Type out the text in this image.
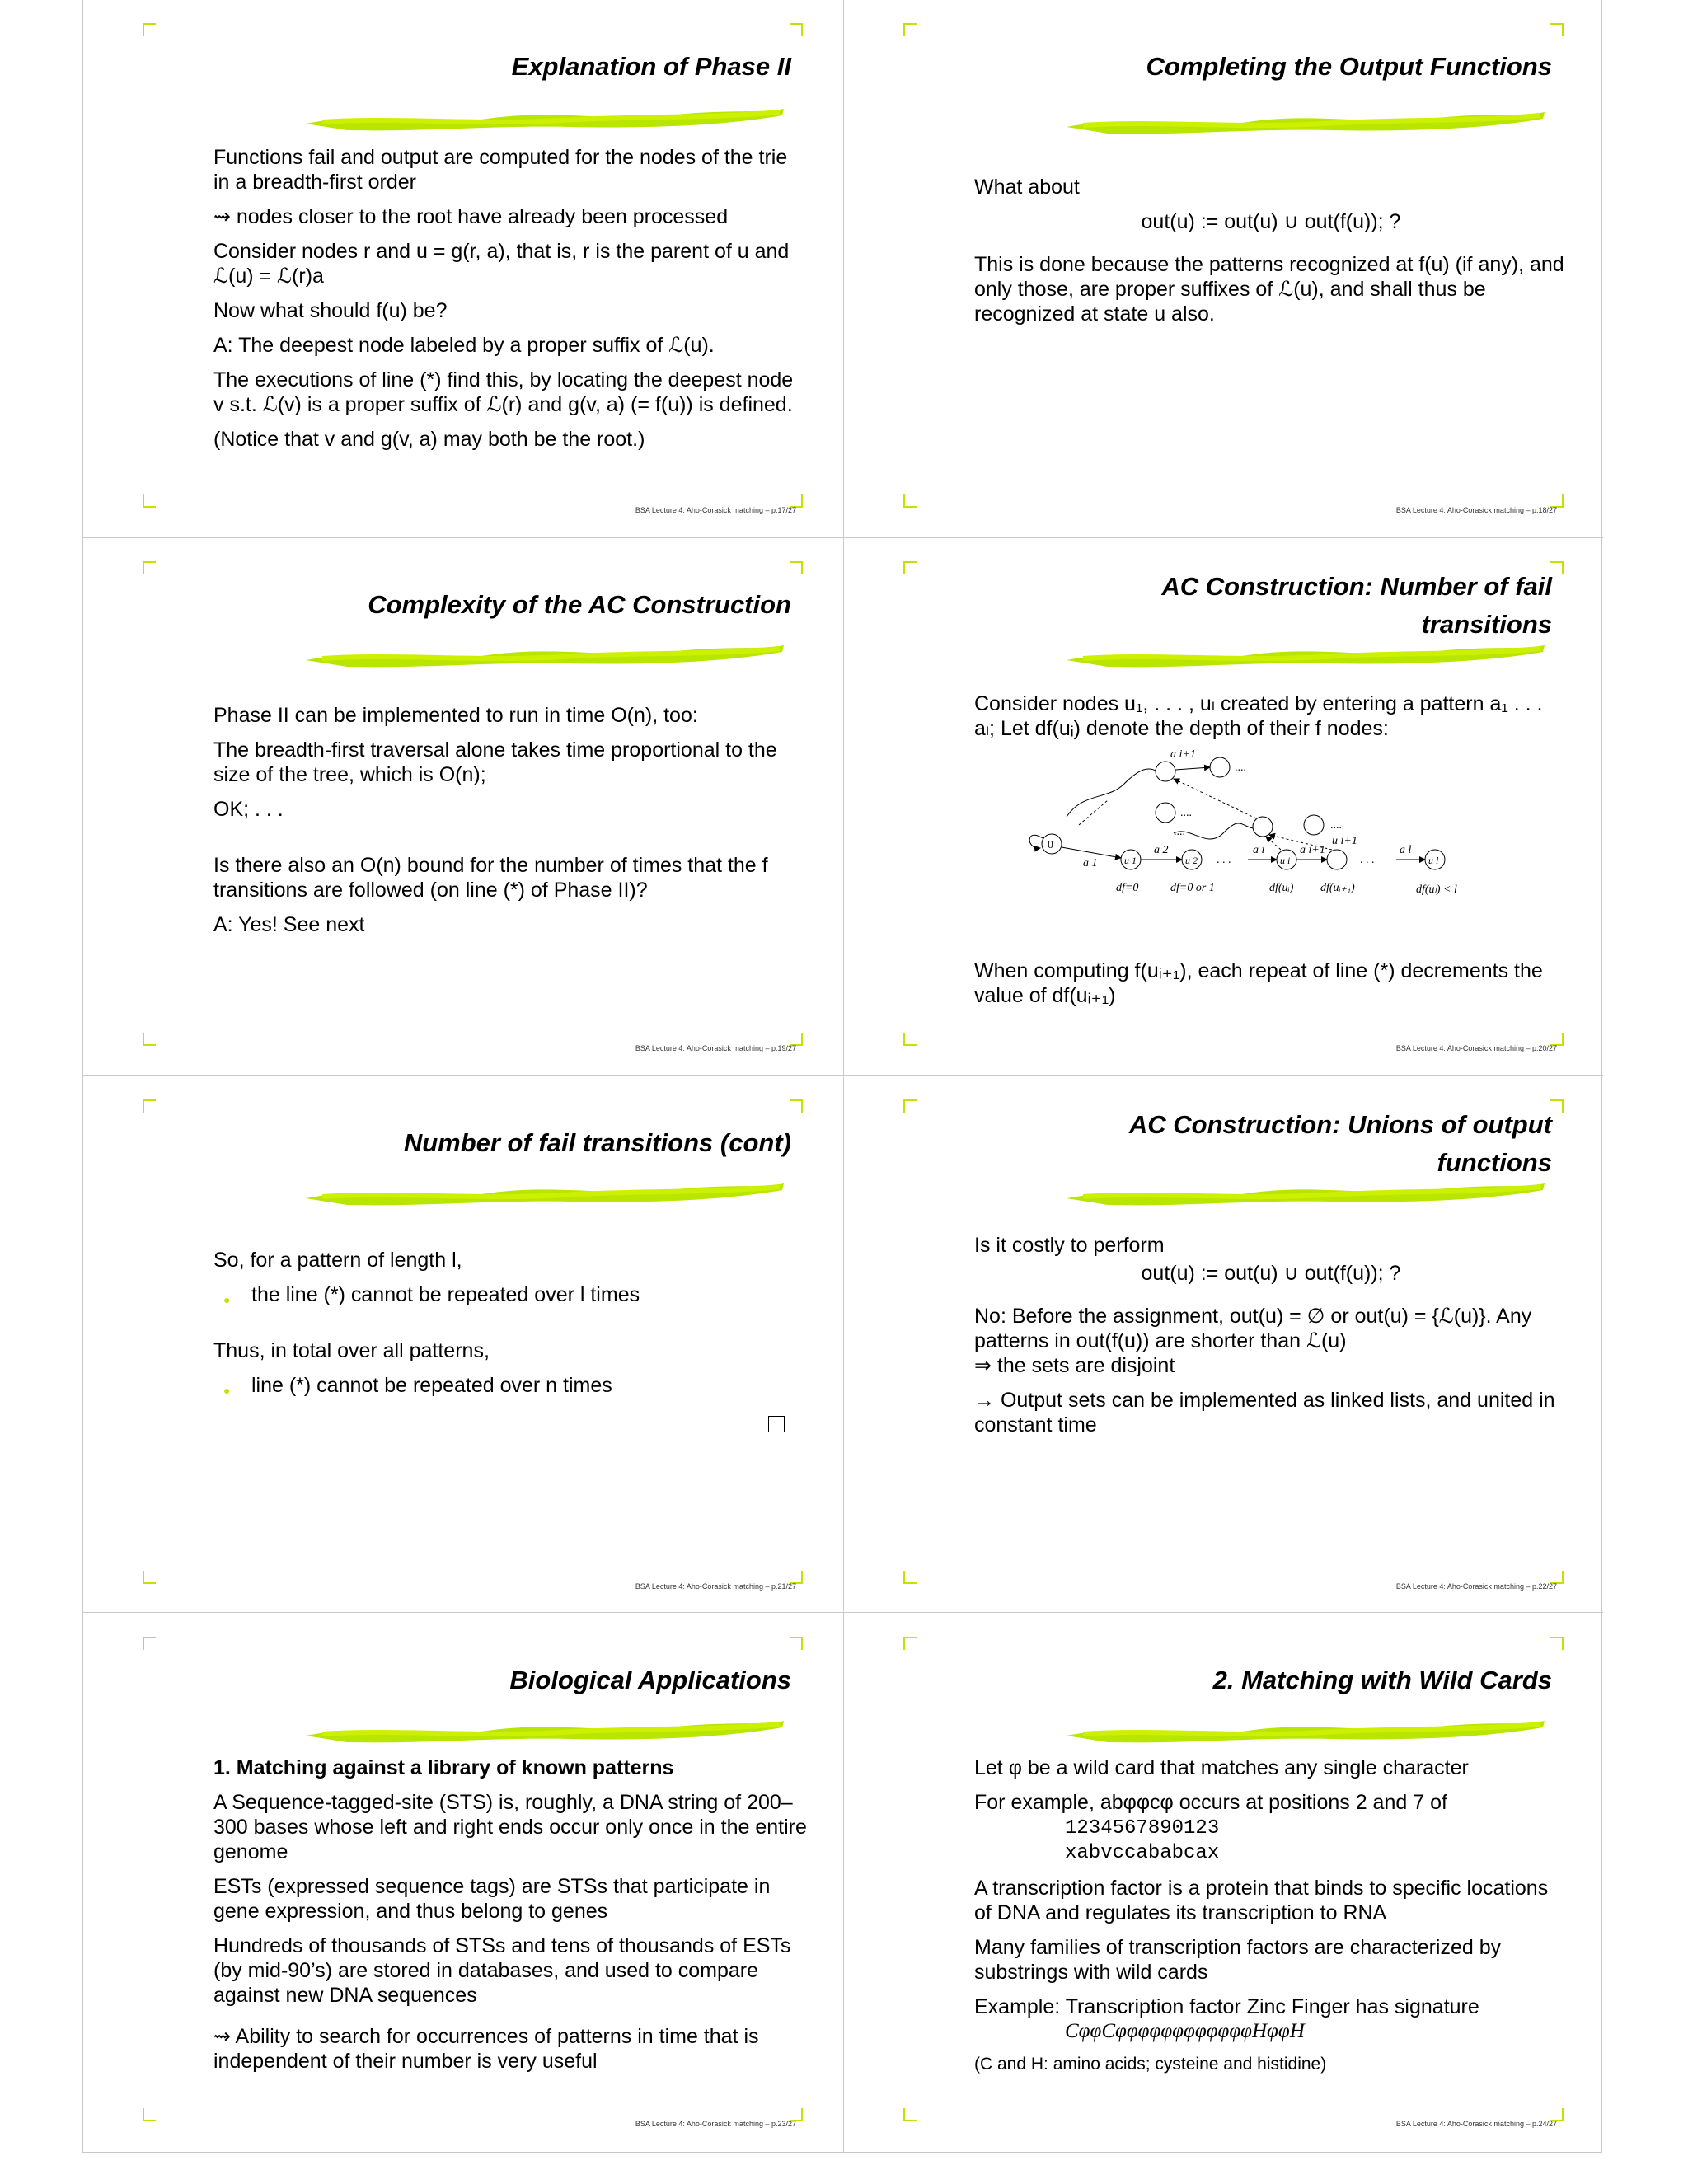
Explanation of Phase II

Functions fail and output are computed for the nodes of the trie in a breadth-first order

⇝ nodes closer to the root have already been processed

Consider nodes r and u = g(r, a), that is, r is the parent of u and ℒ(u) = ℒ(r)a

Now what should f(u) be?

A: The deepest node labeled by a proper suffix of ℒ(u).

The executions of line (*) find this, by locating the deepest node v s.t. ℒ(v) is a proper suffix of ℒ(r) and g(v, a) (= f(u)) is defined.

(Notice that v and g(v, a) may both be the root.)

BSA Lecture 4: Aho-Corasick matching – p.17/27
Completing the Output Functions

What about

out(u) := out(u) ∪ out(f(u)); ?

This is done because the patterns recognized at f(u) (if any), and only those, are proper suffixes of ℒ(u), and shall thus be recognized at state u also.

BSA Lecture 4: Aho-Corasick matching – p.18/27
Complexity of the AC Construction

Phase II can be implemented to run in time O(n), too:

The breadth-first traversal alone takes time proportional to the size of the tree, which is O(n);

OK; . . .

Is there also an O(n) bound for the number of times that the f transitions are followed (on line (*) of Phase II)?

A: Yes! See next

BSA Lecture 4: Aho-Corasick matching – p.19/27
AC Construction: Number of fail
transitions

Consider nodes u₁, . . . , uₗ created by entering a pattern a₁ . . . aₗ; Let df(uᵢ) denote the depth of their f nodes:

0
a 1	u 1
a 2
u 2 . . .
a i
u i
a i+1
u i+1
. . .
a l
u l
a i+1
....
....
....
....
df=0	df=0 or 1	df(uᵢ) df(uᵢ₊₁)	df(uₗ) < l

When computing f(uᵢ₊₁), each repeat of line (*) decrements the value of df(uᵢ₊₁)

BSA Lecture 4: Aho-Corasick matching – p.20/27
Number of fail transitions (cont)

So, for a pattern of length l,

● the line (*) cannot be repeated over l times

Thus, in total over all patterns,

● line (*) cannot be repeated over n times
BSA Lecture 4: Aho-Corasick matching – p.21/27
AC Construction: Unions of output
functions

Is it costly to perform

out(u) := out(u) ∪ out(f(u)); ?

No: Before the assignment, out(u) = ∅ or out(u) = {ℒ(u)}. Any patterns in out(f(u)) are shorter than ℒ(u)

⇒ the sets are disjoint

→ Output sets can be implemented as linked lists, and united in constant time

BSA Lecture 4: Aho-Corasick matching – p.22/27
Biological Applications

1. Matching against a library of known patterns

A Sequence-tagged-site (STS) is, roughly, a DNA string of 200–300 bases whose left and right ends occur only once in the entire genome

ESTs (expressed sequence tags) are STSs that participate in gene expression, and thus belong to genes

Hundreds of thousands of STSs and tens of thousands of ESTs (by mid-90’s) are stored in databases, and used to compare against new DNA sequences

⇝ Ability to search for occurrences of patterns in time that is independent of their number is very useful

BSA Lecture 4: Aho-Corasick matching – p.23/27
2. Matching with Wild Cards

Let φ be a wild card that matches any single character

For example, abφφcφ occurs at positions 2 and 7 of

1234567890123
xabvccababcax

A transcription factor is a protein that binds to specific locations of DNA and regulates its transcription to RNA

Many families of transcription factors are characterized by substrings with wild cards

Example: Transcription factor Zinc Finger has signature

CφφCφφφφφφφφφφφφHφφH

(C and H: amino acids; cysteine and histidine)

BSA Lecture 4: Aho-Corasick matching – p.24/27
